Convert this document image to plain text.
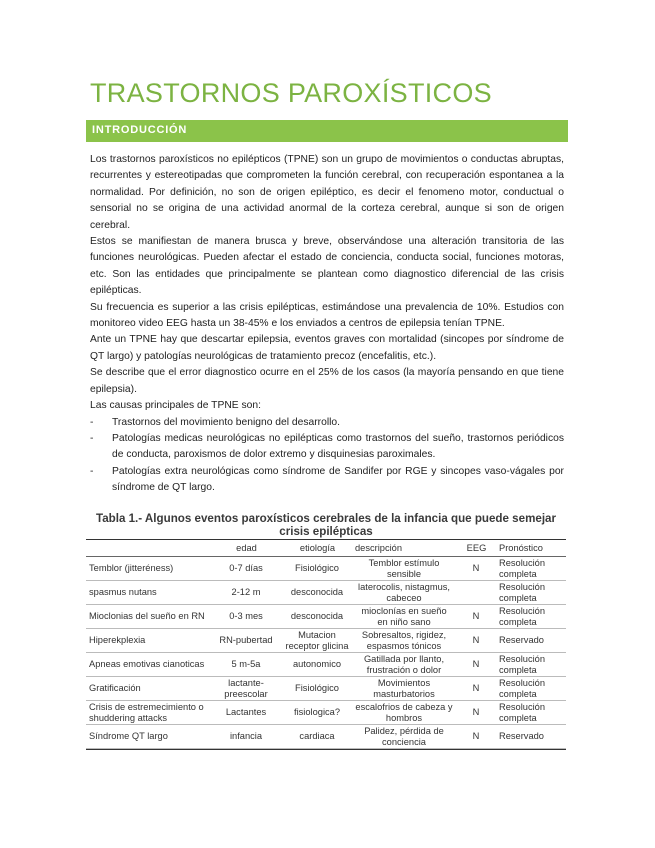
TRASTORNOS PAROXÍSTICOS
INTRODUCCIÓN

Los trastornos paroxísticos no epilépticos (TPNE) son un grupo de movimientos o conductas abruptas, recurrentes y estereotipadas que comprometen la función cerebral, con recuperación espontanea a la normalidad. Por definición, no son de origen epiléptico, es decir el fenomeno motor, conductual o sensorial no se origina de una actividad anormal de la corteza cerebral, aunque si son de origen cerebral.

Estos se manifiestan de manera brusca y breve, observándose una alteración transitoria de las funciones neurológicas. Pueden afectar el estado de conciencia, conducta social, funciones motoras, etc. Son las entidades que principalmente se plantean como diagnostico diferencial de las crisis epilépticas.

Su frecuencia es superior a las crisis epilépticas, estimándose una prevalencia de 10%. Estudios con monitoreo video EEG hasta un 38-45% e los enviados a centros de epilepsia tenían TPNE.

Ante un TPNE hay que descartar epilepsia, eventos graves con mortalidad (sincopes por síndrome de QT largo) y patologías neurológicas de tratamiento precoz (encefalitis, etc.).

Se describe que el error diagnostico ocurre en el 25% de los casos (la mayoría pensando en que tiene epilepsia).

Las causas principales de TPNE son:

- Trastornos del movimiento benigno del desarrollo.
- Patologías medicas neurológicas no epilépticas como trastornos del sueño, trastornos periódicos de conducta, paroxismos de dolor extremo y disquinesias paroximales.
- Patologías extra neurológicas como síndrome de Sandifer por RGE y sincopes vaso-vágales por síndrome de QT largo.
Tabla 1.- Algunos eventos paroxísticos cerebrales de la infancia que puede semejar crisis epilépticas
	edad	etiología	descripción	EEG	Pronóstico
Temblor (jitteréness)	0-7 días	Fisiológico	Temblor estímulo sensible	N	Resolución completa
spasmus nutans	2-12 m	desconocida	laterocolis, nistagmus, cabeceo		Resolución completa
Mioclonias del sueño en RN	0-3 mes	desconocida	mioclonías en sueño en niño sano	N	Resolución completa
Hiperekplexia	RN-pubertad	Mutacion receptor glicina	Sobresaltos, rigidez, espasmos tónicos	N	Reservado
Apneas emotivas cianoticas	5 m-5a	autonomico	Gatillada por llanto, frustración o dolor	N	Resolución completa
Gratificación	lactante-preescolar	Fisiológico	Movimientos masturbatorios	N	Resolución completa
Crisis de estremecimiento o shuddering attacks	Lactantes	fisiologica?	escalofrios de cabeza y hombros	N	Resolución completa
Síndrome QT largo	infancia	cardiaca	Palidez, pérdida de conciencia	N	Reservado
